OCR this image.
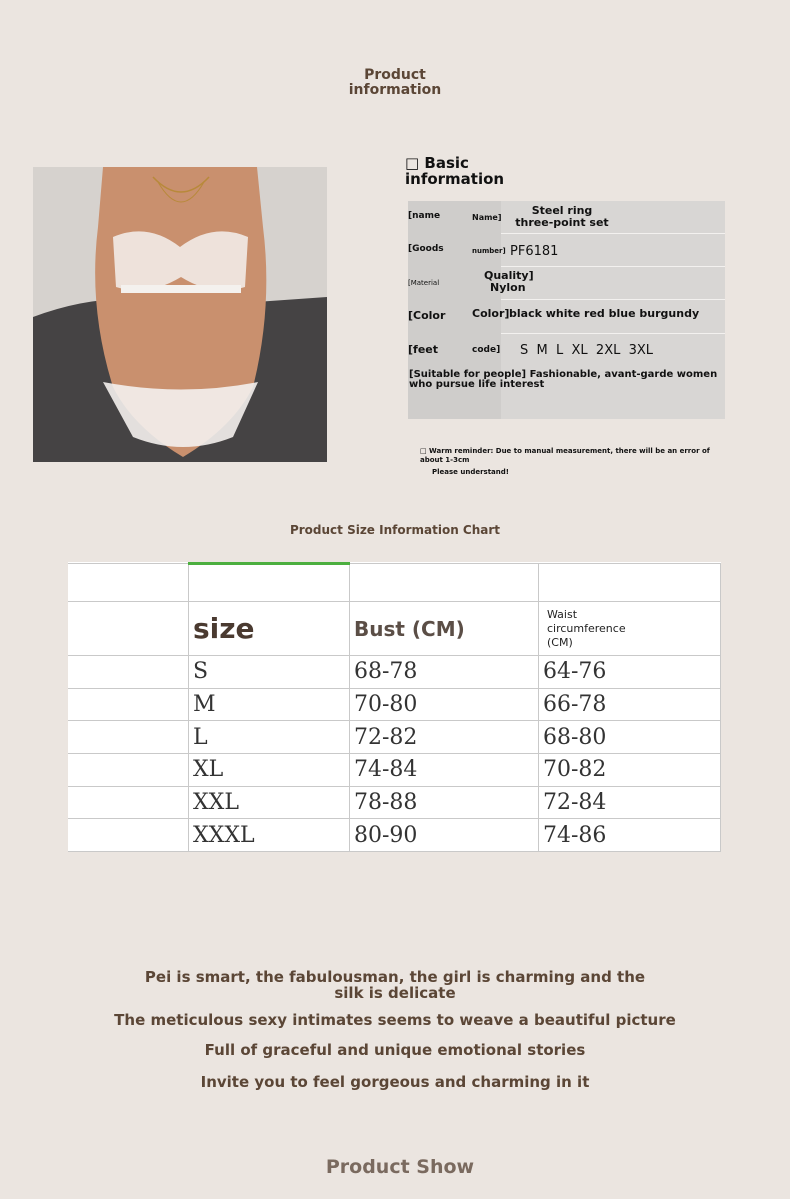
Product information
□ Basic information
[name	Name]
Steel ring three-point set
[Goods	number] PF6181
[Material
Quality]
Nylon
[Color Color] black white red blue burgundy
[feet	code] S  M  L  XL  2XL  3XL
[Suitable for people] Fashionable, avant-garde women who pursue life interest
□ Warm reminder: Due to manual measurement, there will be an error of about 1-3cm
Please understand!
Product Size Information Chart

	size	Bust (CM)	Waist circumference (CM)
	S	68-78	64-76
	M	70-80	66-78
	L	72-82	68-80
	XL	74-84	70-82
	XXL	78-88	72-84
	XXXL	80-90	74-86
Pei is smart, the fabulousman, the girl is charming and the silk is delicate
The meticulous sexy intimates seems to weave a beautiful picture
Full of graceful and unique emotional stories
Invite you to feel gorgeous and charming in it
Product Show
